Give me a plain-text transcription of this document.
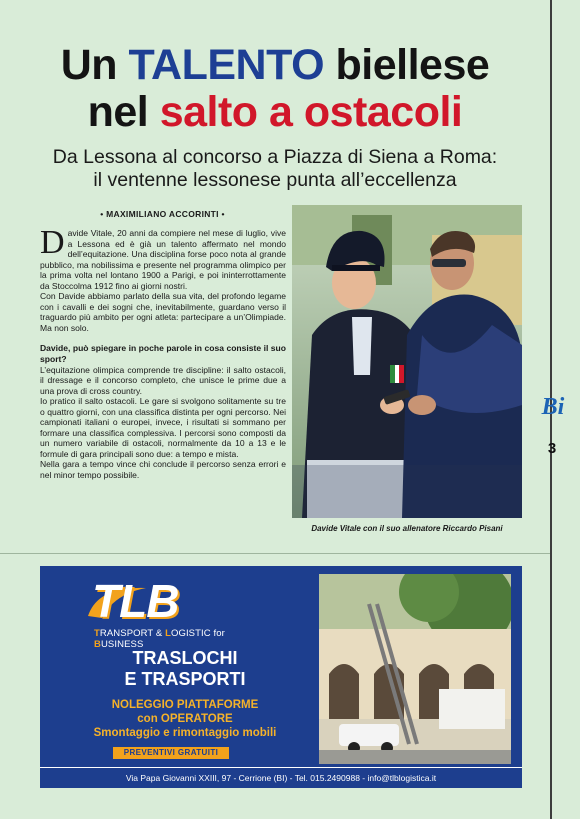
Un TALENTO biellese
nel salto a ostacoli
Da Lessona al concorso a Piazza di Siena a Roma:
il ventenne lessonese punta all’eccellenza
• MAXIMILIANO ACCORINTI •

Davide Vitale, 20 anni da compiere nel mese di luglio, vive a Lessona ed è già un talento affermato nel mondo dell’equitazione. Una disciplina forse poco nota al grande pubblico, ma nobilissima e presente nel programma olimpico per la prima volta nel lontano 1900 a Parigi, e poi ininterrottamente da Stoccolma 1912 fino ai giorni nostri.

Con Davide abbiamo parlato della sua vita, del profondo legame con i cavalli e dei sogni che, inevitabilmente, guardano verso il traguardo più ambito per ogni atleta: partecipare a un’Olimpiade. Ma non solo.

Davide, può spiegare in poche parole in cosa consiste il suo sport?

L’equitazione olimpica comprende tre discipline: il salto ostacoli, il dressage e il concorso completo, che unisce le prime due a una prova di cross country.

Io pratico il salto ostacoli. Le gare si svolgono solitamente su tre o quattro giorni, con una classifica distinta per ogni percorso. Nei campionati italiani o europei, invece, i risultati si sommano per formare una classifica complessiva. I percorsi sono composti da un numero variabile di ostacoli, normalmente da 10 a 13 e le formule di gara principali sono due: a tempo e mista.

Nella gara a tempo vince chi conclude il percorso senza errori e nel minor tempo possibile.

Davide Vitale con il suo allenatore Riccardo Pisani
TLB
TRANSPORT & LOGISTIC for BUSINESS
TRASLOCHI
E TRASPORTI
NOLEGGIO PIATTAFORME
con OPERATORE
Smontaggio e rimontaggio mobili
PREVENTIVI GRATUITI
Via Papa Giovanni XXIII, 97 - Cerrione (BI) - Tel. 015.2490988 - info@tlblogistica.it
Bi
3
